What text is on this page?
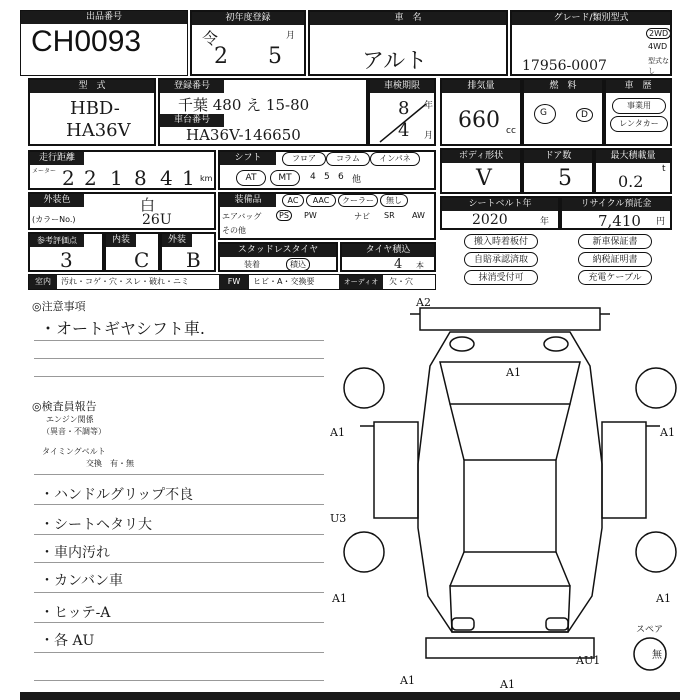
出品番号
CH0093
初年度登録
令
2 5
月
車　名
アルト
グレード/類別型式
17956-0007
2WD
4WD
型式なし
型　式
HBD-
HA36V
登録番号
千葉 480 え 15-80
車台番号
HA36V-146650
車検期限
8 年
4 月
排気量
660 cc
燃　料
G	D
車　歴
事業用
レンタカー
走行距離
メーター 2 2 1 8 4 1 km
シフト	フロア	コラム	インパネ
AT	MT	4 5 6 他
ボディ形状
V
ドア数
5
最大積載量
0.2
t
外装色	白
(カラーNo.)	26U
装備品	AC	AAC	クーラー	無し
エアバッグ	PS	PW	ナビ SR AW
その他
シートベルト年
2020	年
リサイクル預託金
7,410 円
参考評価点
3
内装
C
外装
B	スタッドレスタイヤ
装着	積込
タイヤ積込
4 本
搬入時着板付	新車保証書
自賠承認済取	納税証明書
抹消受付可	充電ケーブル
室内	汚れ・コゲ・穴・スレ・破れ・ニミ	FW	ヒビ・A・交換要	オーディオ	欠・穴
◎注意事項
・オートギヤシフト車.
◎検査員報告
エンジン関係
（異音・不調等）
タイミングベルト
交換　有・無
・ハンドルグリップ不良
・シートヘタリ大
・車内汚れ
・カンバン車
・ヒッテ-A
・各 AU
A2
A1
A1	A1
U3
A1	A1
A1	A1
AU1
スペア
無
